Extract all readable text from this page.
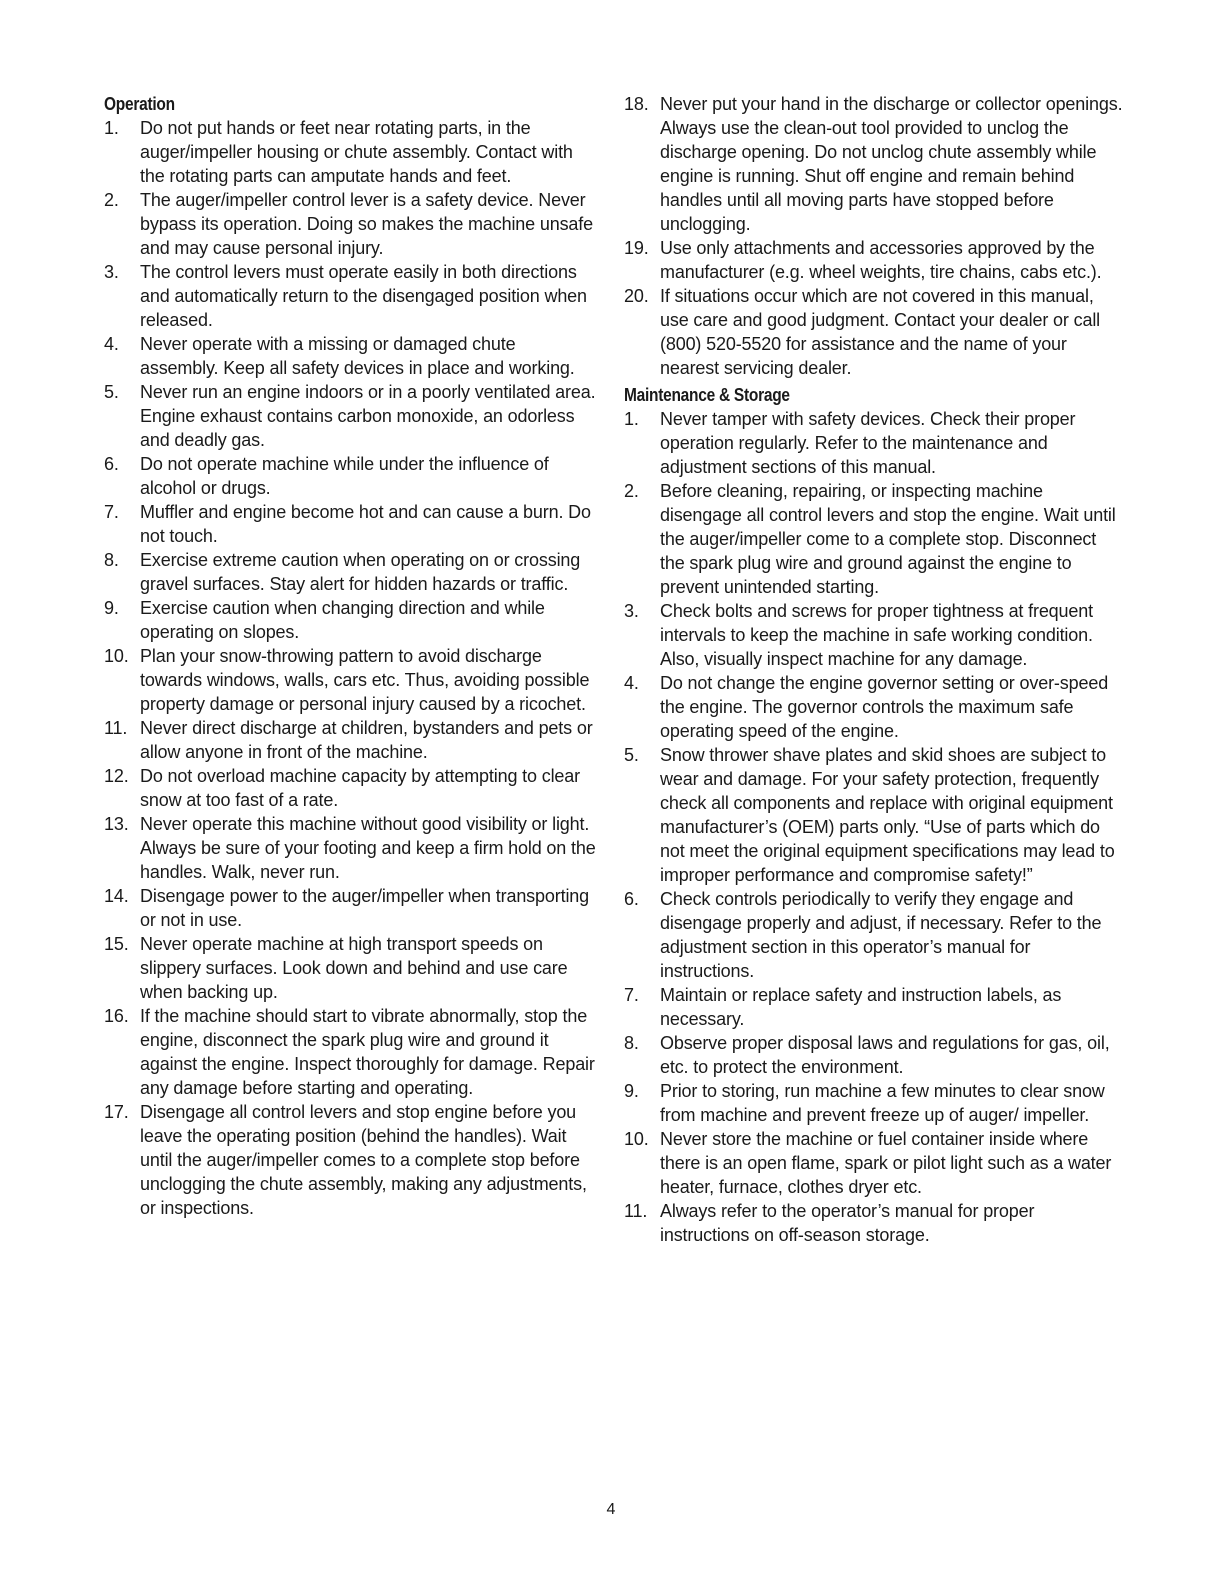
Operation
1.	Do not put hands or feet near rotating parts, in the auger/impeller housing or chute assembly. Contact with the rotating parts can amputate hands and feet.
2.	The auger/impeller control lever is a safety device. Never bypass its operation. Doing so makes the machine unsafe and may cause personal injury.
3.	The control levers must operate easily in both directions and automatically return to the disengaged position when released.
4.	Never operate with a missing or damaged chute assembly. Keep all safety devices in place and working.
5.	Never run an engine indoors or in a poorly ventilated area. Engine exhaust contains carbon monoxide, an odorless and deadly gas.
6.	Do not operate machine while under the influence of alcohol or drugs.
7.	Muffler and engine become hot and can cause a burn. Do not touch.
8.	Exercise extreme caution when operating on or crossing gravel surfaces. Stay alert for hidden hazards or traffic.
9.	Exercise caution when changing direction and while operating on slopes.
10. Plan your snow-throwing pattern to avoid discharge towards windows, walls, cars etc. Thus, avoiding possible property damage or personal injury caused by a ricochet.
11. Never direct discharge at children, bystanders and pets or allow anyone in front of the machine.
12. Do not overload machine capacity by attempting to clear snow at too fast of a rate.
13. Never operate this machine without good visibility or light. Always be sure of your footing and keep a firm hold on the handles. Walk, never run.
14. Disengage power to the auger/impeller when transporting or not in use.
15. Never operate machine at high transport speeds on slippery surfaces. Look down and behind and use care when backing up.
16. If the machine should start to vibrate abnormally, stop the engine, disconnect the spark plug wire and ground it against the engine. Inspect thoroughly for damage. Repair any damage before starting and operating.
17. Disengage all control levers and stop engine before you leave the operating position (behind the handles). Wait until the auger/impeller comes to a complete stop before unclogging the chute assembly, making any adjustments, or inspections.
18. Never put your hand in the discharge or collector openings. Always use the clean-out tool provided to unclog the discharge opening. Do not unclog chute assembly while engine is running. Shut off engine and remain behind handles until all moving parts have stopped before unclogging.
19. Use only attachments and accessories approved by the manufacturer (e.g. wheel weights, tire chains, cabs etc.).
20. If situations occur which are not covered in this manual, use care and good judgment. Contact your dealer or call (800) 520-5520 for assistance and the name of your nearest servicing dealer.
Maintenance & Storage
1.	Never tamper with safety devices. Check their proper operation regularly. Refer to the maintenance and adjustment sections of this manual.
2.	Before cleaning, repairing, or inspecting machine disengage all control levers and stop the engine. Wait until the auger/impeller come to a complete stop. Disconnect the spark plug wire and ground against the engine to prevent unintended starting.
3.	Check bolts and screws for proper tightness at frequent intervals to keep the machine in safe working condition. Also, visually inspect machine for any damage.
4.	Do not change the engine governor setting or over-speed the engine. The governor controls the maximum safe operating speed of the engine.
5.	Snow thrower shave plates and skid shoes are subject to wear and damage. For your safety protection, frequently check all components and replace with original equipment manufacturer’s (OEM) parts only. “Use of parts which do not meet the original equipment specifications may lead to improper performance and compromise safety!”
6.	Check controls periodically to verify they engage and disengage properly and adjust, if necessary. Refer to the adjustment section in this operator’s manual for instructions.
7.	Maintain or replace safety and instruction labels, as necessary.
8.	Observe proper disposal laws and regulations for gas, oil, etc. to protect the environment.
9.	Prior to storing, run machine a few minutes to clear snow from machine and prevent freeze up of auger/ impeller.
10. Never store the machine or fuel container inside where there is an open flame, spark or pilot light such as a water heater, furnace, clothes dryer etc.
11. Always refer to the operator’s manual for proper instructions on off-season storage.
4
